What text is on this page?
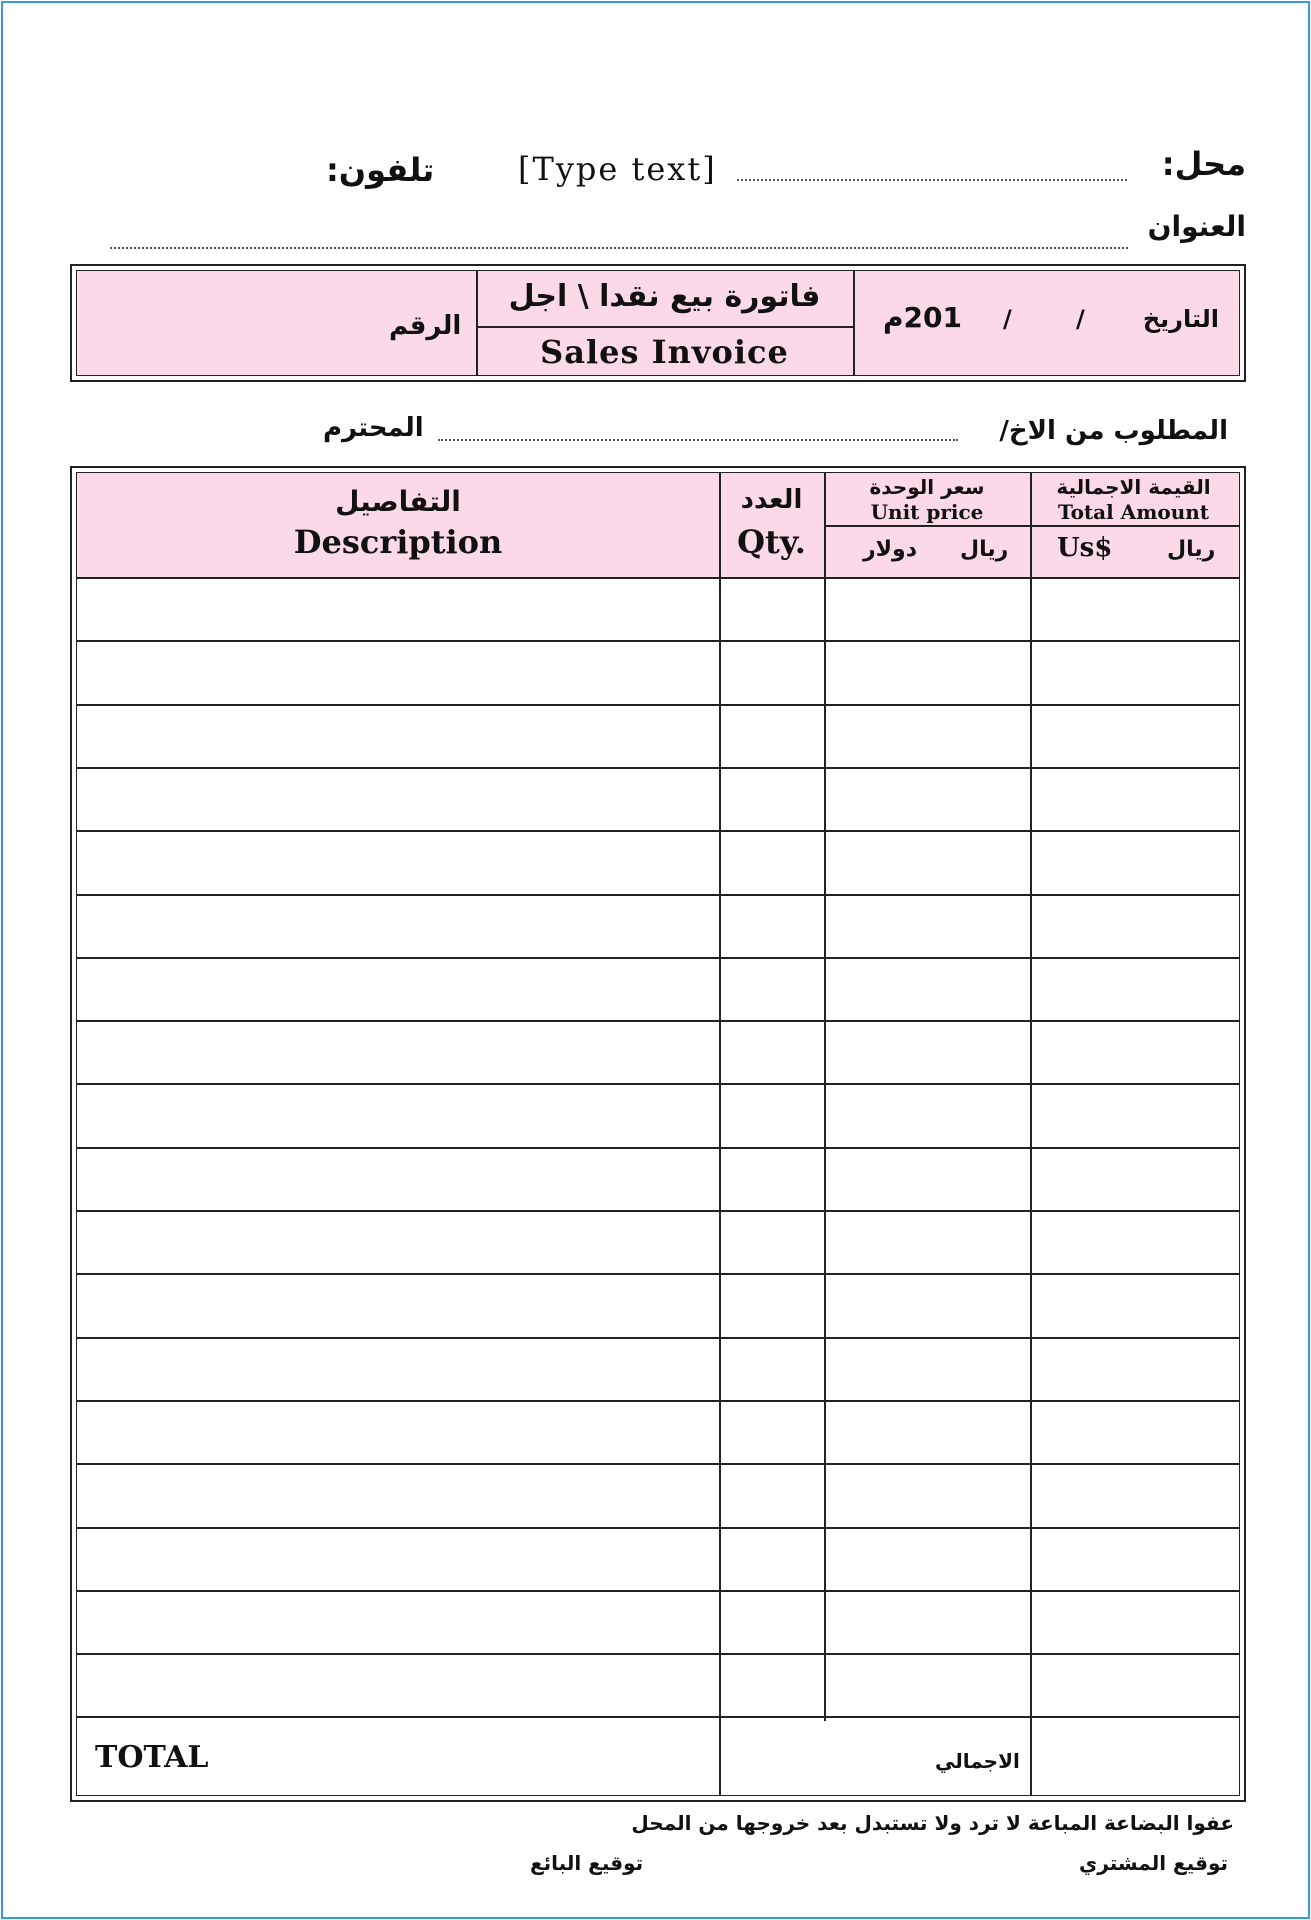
محل:
[Type text]
تلفون:
العنوان
التاريخ
/
/
201م
فاتورة بيع نقدا \ اجل
Sales Invoice
الرقم
المطلوب من الاخ/
المحترم
التفاصيل
Description
العدد
Qty.
سعر الوحدة
Unit price
ريال
دولار
القيمة الاجمالية
Total Amount
Us$ ريال
TOTAL	الاجمالي
عفوا البضاعة المباعة لا ترد ولا تستبدل بعد خروجها من المحل
توقيع المشتري
توقيع البائع
